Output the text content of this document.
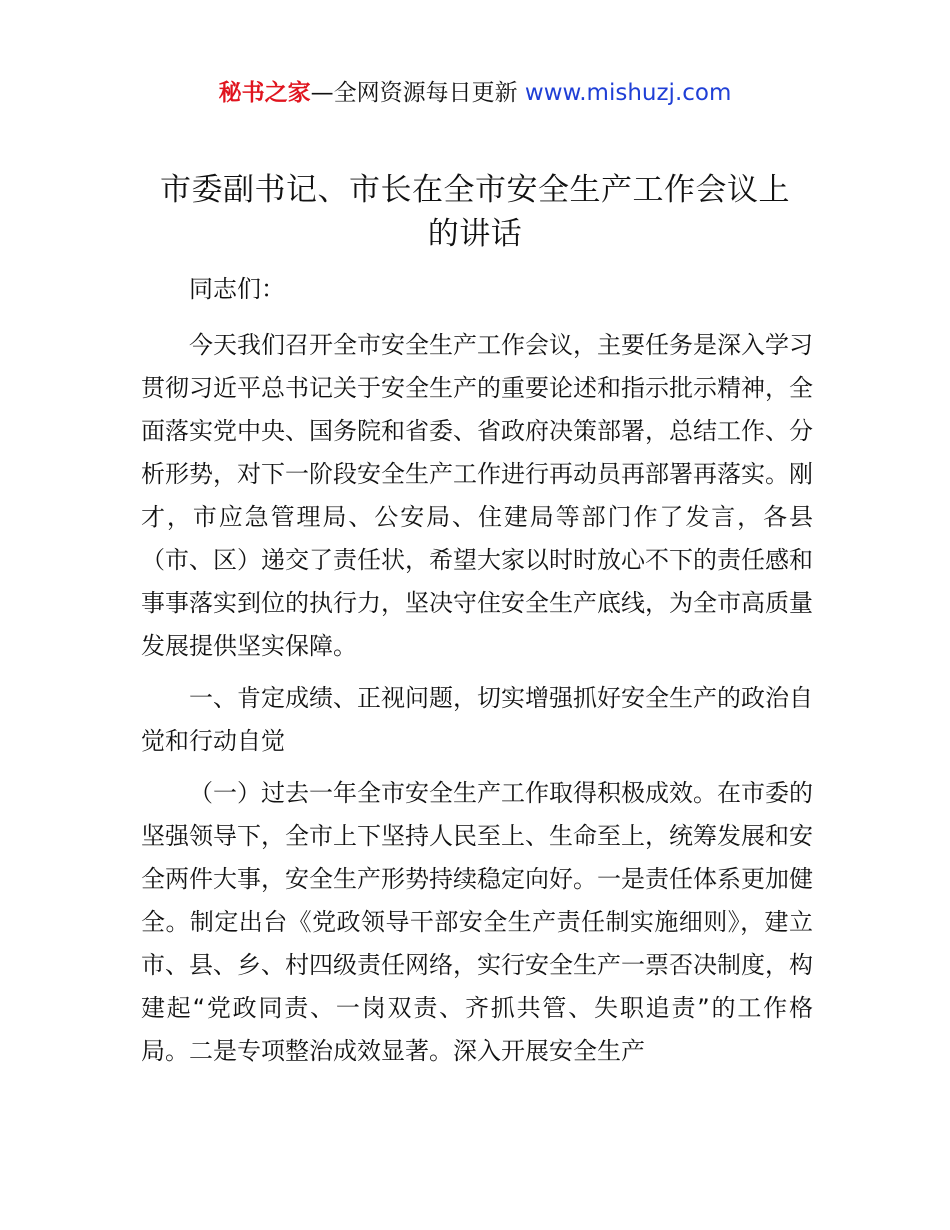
秘书之家—全网资源每日更新 www.mishuzj.com
市委副书记、市长在全市安全生产工作会议上
的讲话

同志们：

今天我们召开全市安全生产工作会议，主要任务是深入学习贯彻习近平总书记关于安全生产的重要论述和指示批示精神，全面落实党中央、国务院和省委、省政府决策部署，总结工作、分析形势，对下一阶段安全生产工作进行再动员再部署再落实。刚才，市应急管理局、公安局、住建局等部门作了发言，各县（市、区）递交了责任状，希望大家以时时放心不下的责任感和事事落实到位的执行力，坚决守住安全生产底线，为全市高质量发展提供坚实保障。

一、肯定成绩、正视问题，切实增强抓好安全生产的政治自觉和行动自觉

（一）过去一年全市安全生产工作取得积极成效。在市委的坚强领导下，全市上下坚持人民至上、生命至上，统筹发展和安全两件大事，安全生产形势持续稳定向好。一是责任体系更加健全。制定出台《党政领导干部安全生产责任制实施细则》，建立市、县、乡、村四级责任网络，实行安全生产一票否决制度，构建起“党政同责、一岗双责、齐抓共管、失职追责”的工作格局。二是专项整治成效显著。深入开展安全生产
